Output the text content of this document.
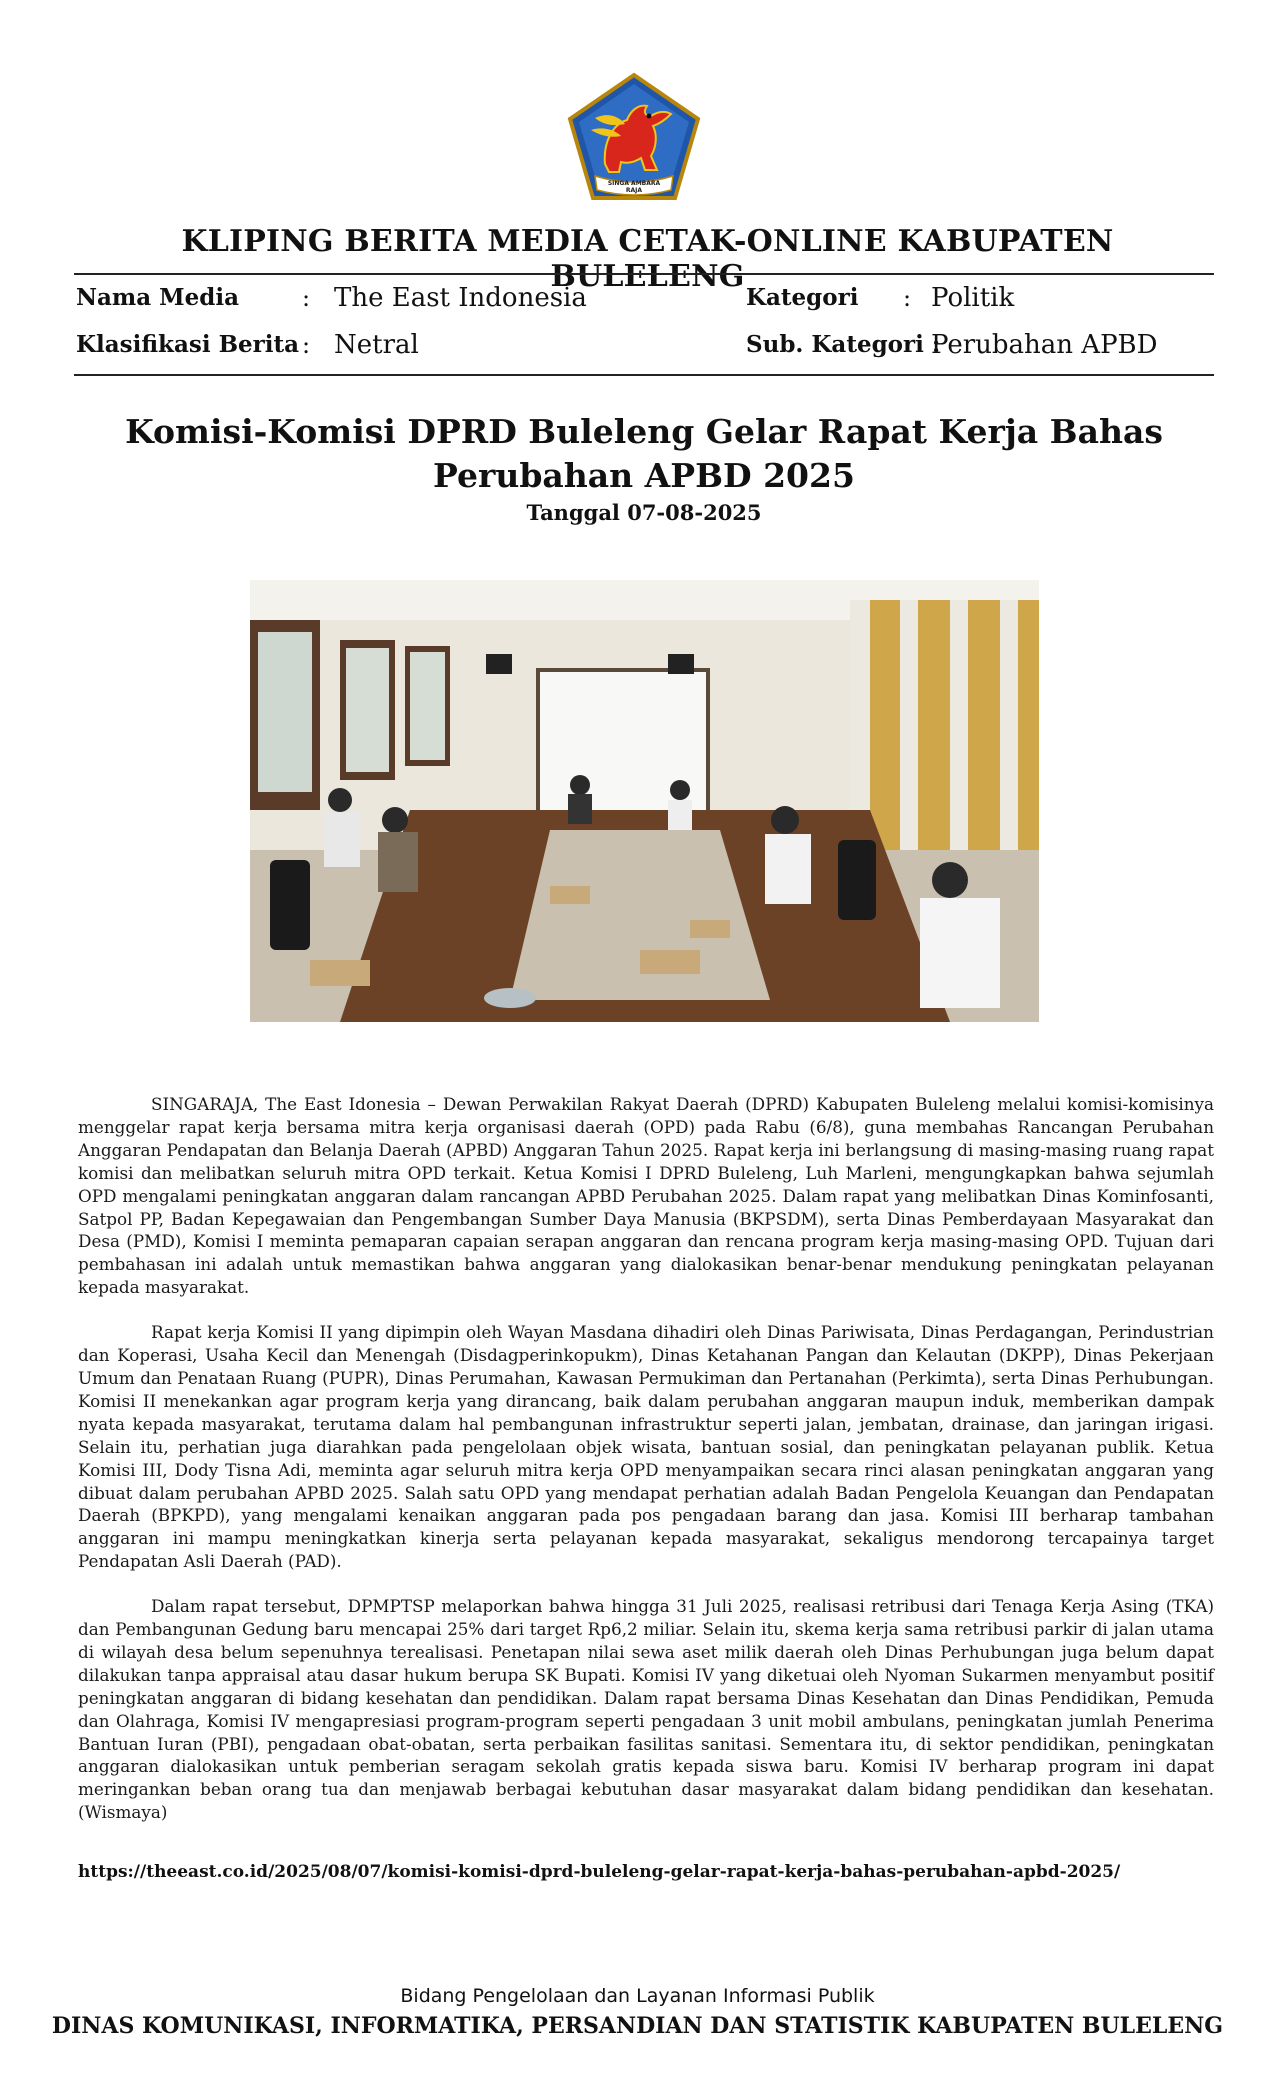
SINGA AMBARA RAJA
KLIPING BERITA MEDIA CETAK-ONLINE KABUPATEN BULELENG
Nama Media	: The East Indonesia	Kategori : Politik
Klasifikasi Berita : Netral	Sub. Kategori :
Perubahan APBD
Komisi-Komisi DPRD Buleleng Gelar Rapat Kerja Bahas Perubahan APBD 2025
Tanggal 07-08-2025

SINGARAJA, The East Idonesia – Dewan Perwakilan Rakyat Daerah (DPRD) Kabupaten Buleleng melalui komisi-komisinya menggelar rapat kerja bersama mitra kerja organisasi daerah (OPD) pada Rabu (6/8), guna membahas Rancangan Perubahan Anggaran Pendapatan dan Belanja Daerah (APBD) Anggaran Tahun 2025. Rapat kerja ini berlangsung di masing-masing ruang rapat komisi dan melibatkan seluruh mitra OPD terkait. Ketua Komisi I DPRD Buleleng, Luh Marleni, mengungkapkan bahwa sejumlah OPD mengalami peningkatan anggaran dalam rancangan APBD Perubahan 2025. Dalam rapat yang melibatkan Dinas Kominfosanti, Satpol PP, Badan Kepegawaian dan Pengembangan Sumber Daya Manusia (BKPSDM), serta Dinas Pemberdayaan Masyarakat dan Desa (PMD), Komisi I meminta pemaparan capaian serapan anggaran dan rencana program kerja masing-masing OPD. Tujuan dari pembahasan ini adalah untuk memastikan bahwa anggaran yang dialokasikan benar-benar mendukung peningkatan pelayanan kepada masyarakat.

Rapat kerja Komisi II yang dipimpin oleh Wayan Masdana dihadiri oleh Dinas Pariwisata, Dinas Perdagangan, Perindustrian dan Koperasi, Usaha Kecil dan Menengah (Disdagperinkopukm), Dinas Ketahanan Pangan dan Kelautan (DKPP), Dinas Pekerjaan Umum dan Penataan Ruang (PUPR), Dinas Perumahan, Kawasan Permukiman dan Pertanahan (Perkimta), serta Dinas Perhubungan. Komisi II menekankan agar program kerja yang dirancang, baik dalam perubahan anggaran maupun induk, memberikan dampak nyata kepada masyarakat, terutama dalam hal pembangunan infrastruktur seperti jalan, jembatan, drainase, dan jaringan irigasi. Selain itu, perhatian juga diarahkan pada pengelolaan objek wisata, bantuan sosial, dan peningkatan pelayanan publik. Ketua Komisi III, Dody Tisna Adi, meminta agar seluruh mitra kerja OPD menyampaikan secara rinci alasan peningkatan anggaran yang dibuat dalam perubahan APBD 2025. Salah satu OPD yang mendapat perhatian adalah Badan Pengelola Keuangan dan Pendapatan Daerah (BPKPD), yang mengalami kenaikan anggaran pada pos pengadaan barang dan jasa. Komisi III berharap tambahan anggaran ini mampu meningkatkan kinerja serta pelayanan kepada masyarakat, sekaligus mendorong tercapainya target Pendapatan Asli Daerah (PAD).

Dalam rapat tersebut, DPMPTSP melaporkan bahwa hingga 31 Juli 2025, realisasi retribusi dari Tenaga Kerja Asing (TKA) dan Pembangunan Gedung baru mencapai 25% dari target Rp6,2 miliar. Selain itu, skema kerja sama retribusi parkir di jalan utama di wilayah desa belum sepenuhnya terealisasi. Penetapan nilai sewa aset milik daerah oleh Dinas Perhubungan juga belum dapat dilakukan tanpa appraisal atau dasar hukum berupa SK Bupati. Komisi IV yang diketuai oleh Nyoman Sukarmen menyambut positif peningkatan anggaran di bidang kesehatan dan pendidikan. Dalam rapat bersama Dinas Kesehatan dan Dinas Pendidikan, Pemuda dan Olahraga, Komisi IV mengapresiasi program-program seperti pengadaan 3 unit mobil ambulans, peningkatan jumlah Penerima Bantuan Iuran (PBI), pengadaan obat-obatan, serta perbaikan fasilitas sanitasi. Sementara itu, di sektor pendidikan, peningkatan anggaran dialokasikan untuk pemberian seragam sekolah gratis kepada siswa baru. Komisi IV berharap program ini dapat meringankan beban orang tua dan menjawab berbagai kebutuhan dasar masyarakat dalam bidang pendidikan dan kesehatan.(Wismaya)

https://theeast.co.id/2025/08/07/komisi-komisi-dprd-buleleng-gelar-rapat-kerja-bahas-perubahan-apbd-2025/
Bidang Pengelolaan dan Layanan Informasi Publik
DINAS KOMUNIKASI, INFORMATIKA, PERSANDIAN DAN STATISTIK KABUPATEN BULELENG
